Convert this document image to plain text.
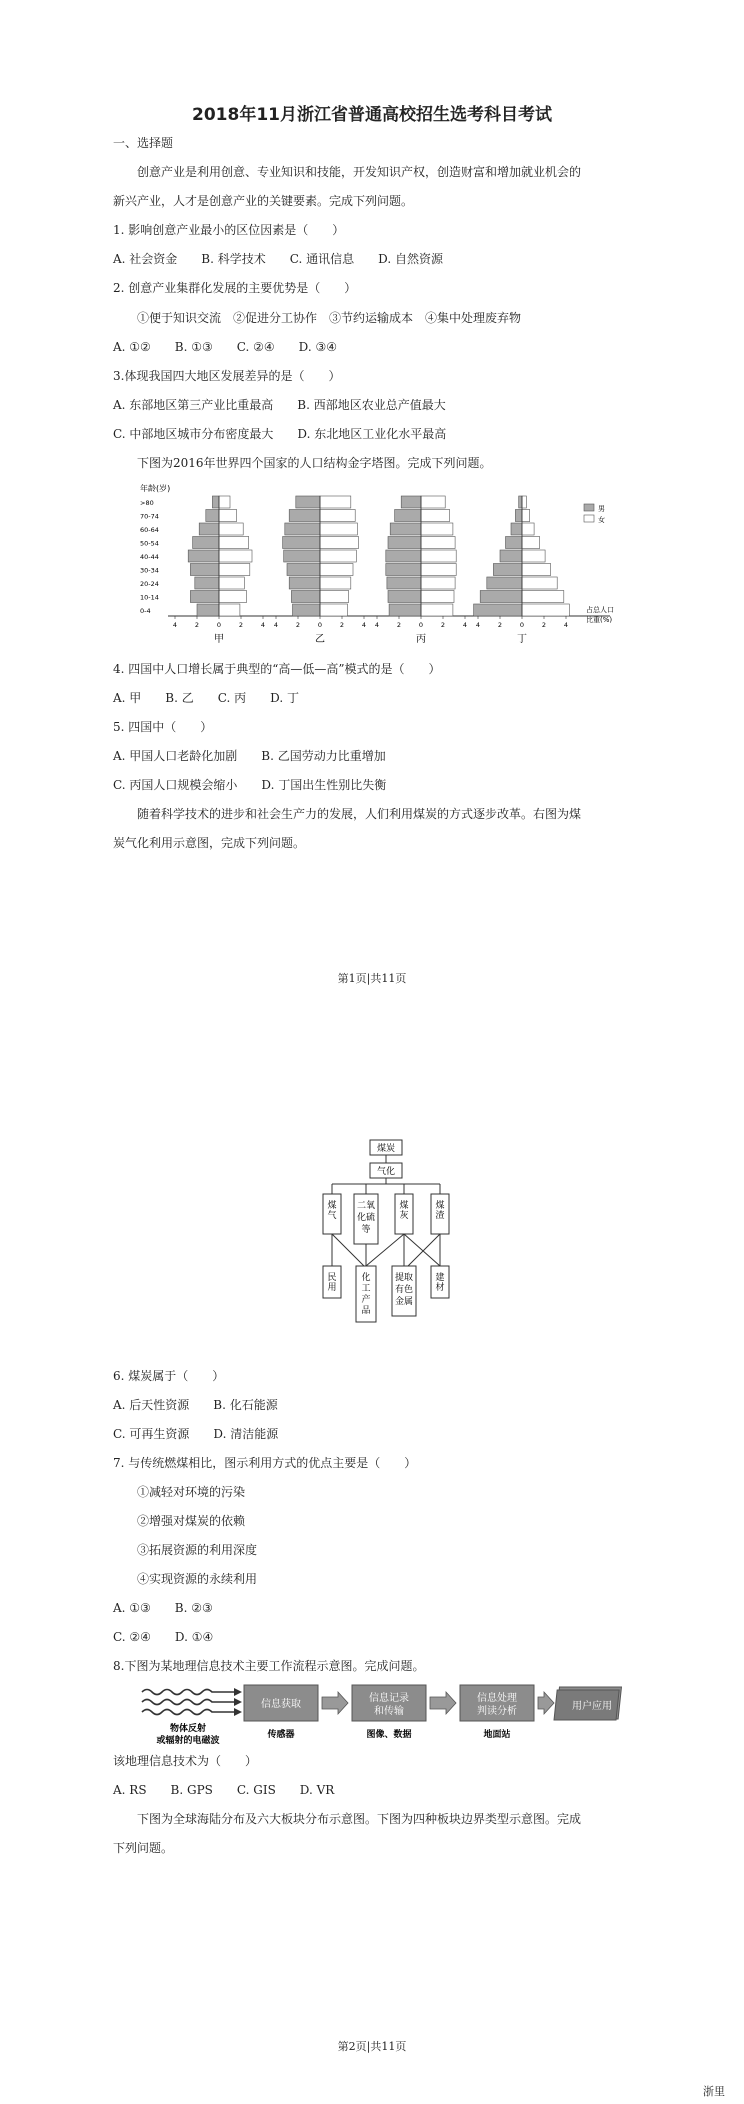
2018年11月浙江省普通高校招生选考科目考试
一、选择题
创意产业是利用创意、专业知识和技能，开发知识产权，创造财富和增加就业机会的
新兴产业，人才是创意产业的关键要素。完成下列问题。
1. 影响创意产业最小的区位因素是（　　）
A. 社会资金　　B. 科学技术　　C. 通讯信息　　D. 自然资源
2. 创意产业集群化发展的主要优势是（　　）
①便于知识交流　②促进分工协作　③节约运输成本　④集中处理废弃物
A. ①②　　B. ①③　　C. ②④　　D. ③④
3.体现我国四大地区发展差异的是（　　）
A. 东部地区第三产业比重最高　　B. 西部地区农业总产值最大
C. 中部地区城市分布密度最大　　D. 东北地区工业化水平最高
下图为2016年世界四个国家的人口结构金字塔图。完成下列问题。
年龄(岁)
>80
70-74
60-64
50-54
40-44
30-34
20-24
10-14
0-4
4	2	0	2	4 4	2	0	2	4 4	2	0	2	4 4	2	0	2	4
甲	乙	丙	丁
男
女
占总人口
比重(%)
4. 四国中人口增长属于典型的“高—低—高”模式的是（　　）
A. 甲　　B. 乙　　C. 丙　　D. 丁
5. 四国中（　　）
A. 甲国人口老龄化加剧　　B. 乙国劳动力比重增加
C. 丙国人口规模会缩小　　D. 丁国出生性别比失衡
随着科学技术的进步和社会生产力的发展，人们利用煤炭的方式逐步改革。右图为煤
炭气化利用示意图，完成下列问题。
第1页|共11页
煤炭
气化
煤
气
二氧
化硫
等
煤
灰
煤
渣
民
用
化
工
产
品
提取
有色
金属
建
材
6. 煤炭属于（　　）
A. 后天性资源　　B. 化石能源
C. 可再生资源　　D. 清洁能源
7. 与传统燃煤相比，图示利用方式的优点主要是（　　）
①减轻对环境的污染
②增强对煤炭的依赖
③拓展资源的利用深度
④实现资源的永续利用
A. ①③　　B. ②③
C. ②④　　D. ①④
8.下图为某地理信息技术主要工作流程示意图。完成问题。
信息获取
信息记录
和传输
信息处理
判读分析	用户应用
物体反射
或辐射的电磁波
传感器	图像、数据	地面站
该地理信息技术为（　　）
A. RS　　B. GPS　　C. GIS　　D. VR
下图为全球海陆分布及六大板块分布示意图。下图为四种板块边界类型示意图。完成
下列问题。
第2页|共11页
浙里
